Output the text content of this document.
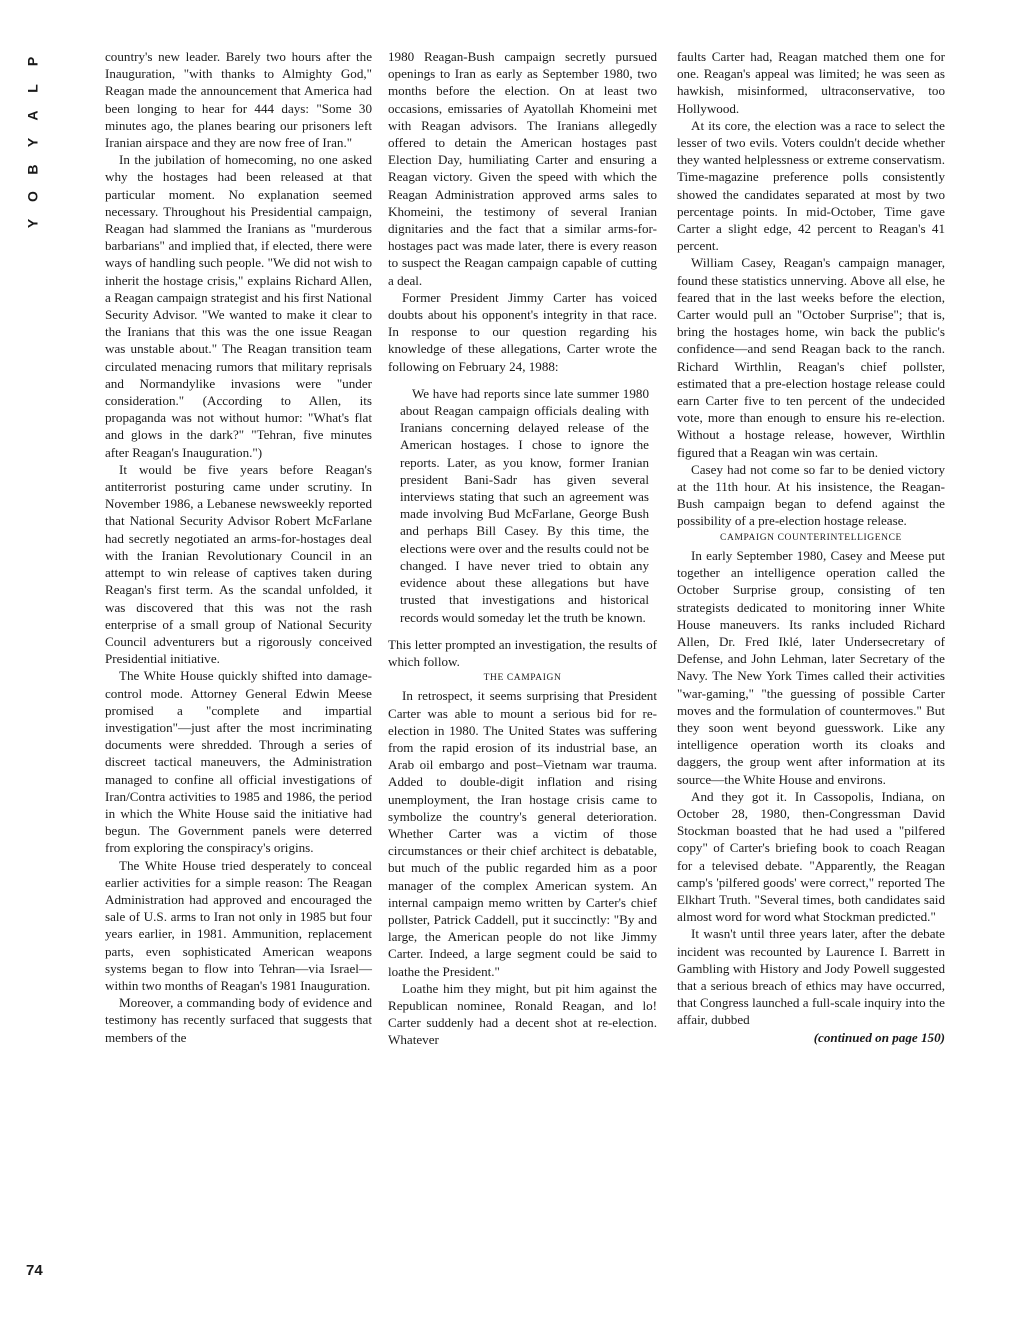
P
L
A
Y
B
O
Y
74

country's new leader. Barely two hours after the Inauguration, "with thanks to Almighty God," Reagan made the announcement that America had been longing to hear for 444 days: "Some 30 minutes ago, the planes bearing our prisoners left Iranian airspace and they are now free of Iran."

In the jubilation of homecoming, no one asked why the hostages had been released at that particular moment. No explanation seemed necessary. Throughout his Presidential campaign, Reagan had slammed the Iranians as "murderous barbarians" and implied that, if elected, there were ways of handling such people. "We did not wish to inherit the hostage crisis," explains Richard Allen, a Reagan campaign strategist and his first National Security Advisor. "We wanted to make it clear to the Iranians that this was the one issue Reagan was unstable about." The Reagan transition team circulated menacing rumors that military reprisals and Normandylike invasions were "under consideration." (According to Allen, its propaganda was not without humor: "What's flat and glows in the dark?" "Tehran, five minutes after Reagan's Inauguration.")

It would be five years before Reagan's antiterrorist posturing came under scrutiny. In November 1986, a Lebanese newsweekly reported that National Security Advisor Robert McFarlane had secretly negotiated an arms-for-hostages deal with the Iranian Revolutionary Council in an attempt to win release of captives taken during Reagan's first term. As the scandal unfolded, it was discovered that this was not the rash enterprise of a small group of National Security Council adventurers but a rigorously conceived Presidential initiative.

The White House quickly shifted into damage-control mode. Attorney General Edwin Meese promised a "complete and impartial investigation"—just after the most incriminating documents were shredded. Through a series of discreet tactical maneuvers, the Administration managed to confine all official investigations of Iran/Contra activities to 1985 and 1986, the period in which the White House said the initiative had begun. The Government panels were deterred from exploring the conspiracy's origins.

The White House tried desperately to conceal earlier activities for a simple reason: The Reagan Administration had approved and encouraged the sale of U.S. arms to Iran not only in 1985 but four years earlier, in 1981. Ammunition, replacement parts, even sophisticated American weapons systems began to flow into Tehran—via Israel—within two months of Reagan's 1981 Inauguration.

Moreover, a commanding body of evidence and testimony has recently surfaced that suggests that members of the

1980 Reagan-Bush campaign secretly pursued openings to Iran as early as September 1980, two months before the election. On at least two occasions, emissaries of Ayatollah Khomeini met with Reagan advisors. The Iranians allegedly offered to detain the American hostages past Election Day, humiliating Carter and ensuring a Reagan victory. Given the speed with which the Reagan Administration approved arms sales to Khomeini, the testimony of several Iranian dignitaries and the fact that a similar arms-for-hostages pact was made later, there is every reason to suspect the Reagan campaign capable of cutting a deal.

Former President Jimmy Carter has voiced doubts about his opponent's integrity in that race. In response to our question regarding his knowledge of these allegations, Carter wrote the following on February 24, 1988:

We have had reports since late summer 1980 about Reagan campaign officials dealing with Iranians concerning delayed release of the American hostages. I chose to ignore the reports. Later, as you know, former Iranian president Bani-Sadr has given several interviews stating that such an agreement was made involving Bud McFarlane, George Bush and perhaps Bill Casey. By this time, the elections were over and the results could not be changed. I have never tried to obtain any evidence about these allegations but have trusted that investigations and historical records would someday let the truth be known.

This letter prompted an investigation, the results of which follow.

THE CAMPAIGN

In retrospect, it seems surprising that President Carter was able to mount a serious bid for re-election in 1980. The United States was suffering from the rapid erosion of its industrial base, an Arab oil embargo and post–Vietnam war trauma. Added to double-digit inflation and rising unemployment, the Iran hostage crisis came to symbolize the country's general deterioration. Whether Carter was a victim of those circumstances or their chief architect is debatable, but much of the public regarded him as a poor manager of the complex American system. An internal campaign memo written by Carter's chief pollster, Patrick Caddell, put it succinctly: "By and large, the American people do not like Jimmy Carter. Indeed, a large segment could be said to loathe the President."

Loathe him they might, but pit him against the Republican nominee, Ronald Reagan, and lo! Carter suddenly had a decent shot at re-election. Whatever

faults Carter had, Reagan matched them one for one. Reagan's appeal was limited; he was seen as hawkish, misinformed, ultraconservative, too Hollywood.

At its core, the election was a race to select the lesser of two evils. Voters couldn't decide whether they wanted helplessness or extreme conservatism. Time-magazine preference polls consistently showed the candidates separated at most by two percentage points. In mid-October, Time gave Carter a slight edge, 42 percent to Reagan's 41 percent.

William Casey, Reagan's campaign manager, found these statistics unnerving. Above all else, he feared that in the last weeks before the election, Carter would pull an "October Surprise"; that is, bring the hostages home, win back the public's confidence—and send Reagan back to the ranch. Richard Wirthlin, Reagan's chief pollster, estimated that a pre-election hostage release could earn Carter five to ten percent of the undecided vote, more than enough to ensure his re-election. Without a hostage release, however, Wirthlin figured that a Reagan win was certain.

Casey had not come so far to be denied victory at the 11th hour. At his insistence, the Reagan-Bush campaign began to defend against the possibility of a pre-election hostage release.

CAMPAIGN COUNTERINTELLIGENCE

In early September 1980, Casey and Meese put together an intelligence operation called the October Surprise group, consisting of ten strategists dedicated to monitoring inner White House maneuvers. Its ranks included Richard Allen, Dr. Fred Iklé, later Undersecretary of Defense, and John Lehman, later Secretary of the Navy. The New York Times called their activities "war-gaming," "the guessing of possible Carter moves and the formulation of countermoves." But they soon went beyond guesswork. Like any intelligence operation worth its cloaks and daggers, the group went after information at its source—the White House and environs.

And they got it. In Cassopolis, Indiana, on October 28, 1980, then-Congressman David Stockman boasted that he had used a "pilfered copy" of Carter's briefing book to coach Reagan for a televised debate. "Apparently, the Reagan camp's 'pilfered goods' were correct," reported The Elkhart Truth. "Several times, both candidates said almost word for word what Stockman predicted."

It wasn't until three years later, after the debate incident was recounted by Laurence I. Barrett in Gambling with History and Jody Powell suggested that a serious breach of ethics may have occurred, that Congress launched a full-scale inquiry into the affair, dubbed

(continued on page 150)
